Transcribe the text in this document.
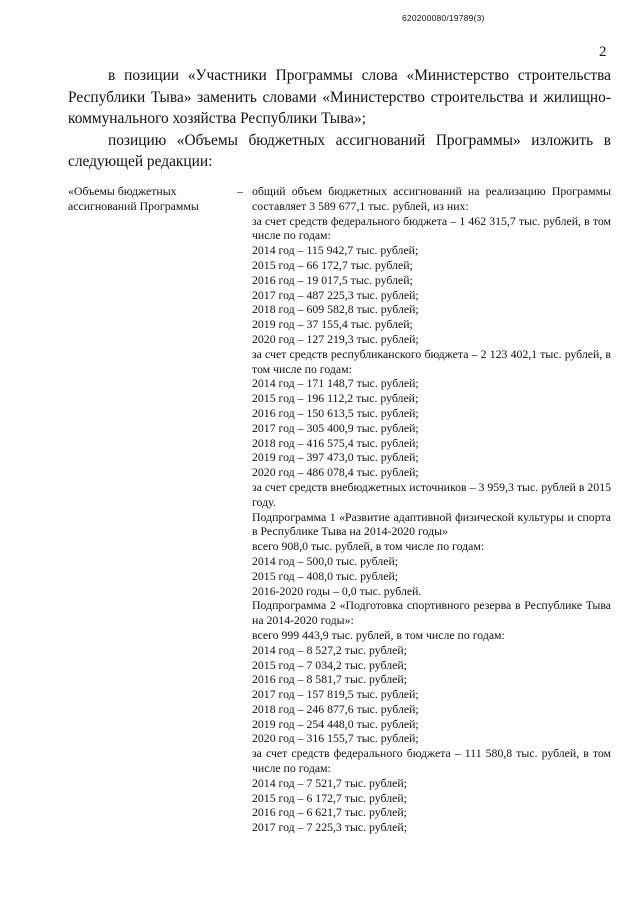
620200080/19789(3)
2

в позиции «Участники Программы слова «Министерство строительства Республики Тыва» заменить словами «Министерство строительства и жилищно-коммунального хозяйства Республики Тыва»;

позицию «Объемы бюджетных ассигнований Программы» изложить в следующей редакции:

«Объемы бюджетных ассигнований Программы
– общий объем бюджетных ассигнований на реализацию Программы составляет 3 589 677,1 тыс. рублей, из них:
за счет средств федерального бюджета – 1 462 315,7 тыс. рублей, в том числе по годам:
2014 год – 115 942,7 тыс. рублей;
2015 год – 66 172,7 тыс. рублей;
2016 год – 19 017,5 тыс. рублей;
2017 год – 487 225,3 тыс. рублей;
2018 год – 609 582,8 тыс. рублей;
2019 год – 37 155,4 тыс. рублей;
2020 год – 127 219,3 тыс. рублей;
за счет средств республиканского бюджета – 2 123 402,1 тыс. рублей, в том числе по годам:
2014 год – 171 148,7 тыс. рублей;
2015 год – 196 112,2 тыс. рублей;
2016 год – 150 613,5 тыс. рублей;
2017 год – 305 400,9 тыс. рублей;
2018 год – 416 575,4 тыс. рублей;
2019 год – 397 473,0 тыс. рублей;
2020 год – 486 078,4 тыс. рублей;
за счет средств внебюджетных источников – 3 959,3 тыс. рублей в 2015 году.
Подпрограмма 1 «Развитие адаптивной физической культуры и спорта в Республике Тыва на 2014-2020 годы»
всего 908,0 тыс. рублей, в том числе по годам:
2014 год – 500,0 тыс. рублей;
2015 год – 408,0 тыс. рублей;
2016-2020 годы – 0,0 тыс. рублей.
Подпрограмма 2 «Подготовка спортивного резерва в Республике Тыва на 2014-2020 годы»:
всего 999 443,9 тыс. рублей, в том числе по годам:
2014 год – 8 527,2 тыс. рублей;
2015 год – 7 034,2 тыс. рублей;
2016 год – 8 581,7 тыс. рублей;
2017 год – 157 819,5 тыс. рублей;
2018 год – 246 877,6 тыс. рублей;
2019 год – 254 448,0 тыс. рублей;
2020 год – 316 155,7 тыс. рублей;
за счет средств федерального бюджета – 111 580,8 тыс. рублей, в том числе по годам:
2014 год – 7 521,7 тыс. рублей;
2015 год – 6 172,7 тыс. рублей;
2016 год – 6 621,7 тыс. рублей;
2017 год – 7 225,3 тыс. рублей;
